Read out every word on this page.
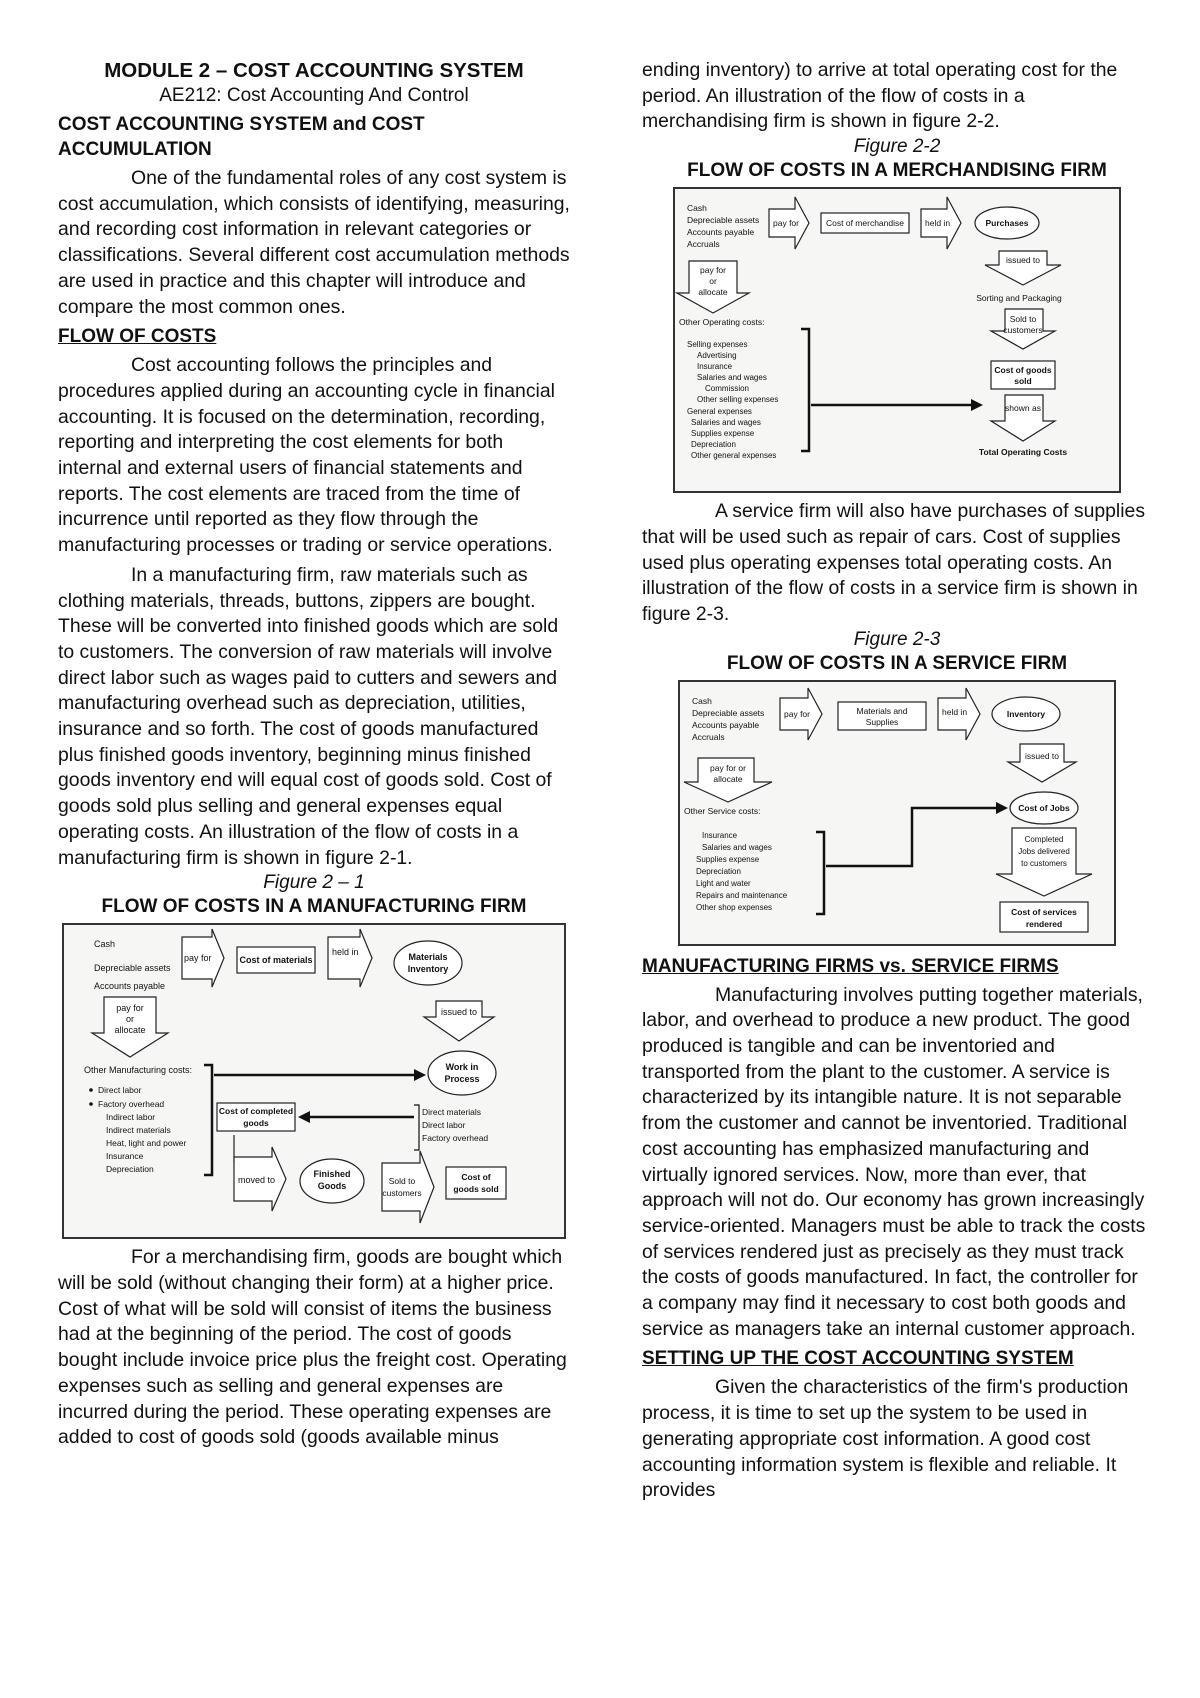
MODULE 2 – COST ACCOUNTING SYSTEM
AE212: Cost Accounting And Control
COST ACCOUNTING SYSTEM and COST ACCUMULATION

One of the fundamental roles of any cost system is cost accumulation, which consists of identifying, measuring, and recording cost information in relevant categories or classifications. Several different cost accumulation methods are used in practice and this chapter will introduce and compare the most common ones.

FLOW OF COSTS

Cost accounting follows the principles and procedures applied during an accounting cycle in financial accounting. It is focused on the determination, recording, reporting and interpreting the cost elements for both internal and external users of financial statements and reports. The cost elements are traced from the time of incurrence until reported as they flow through the manufacturing processes or trading or service operations.

In a manufacturing firm, raw materials such as clothing materials, threads, buttons, zippers are bought. These will be converted into finished goods which are sold to customers. The conversion of raw materials will involve direct labor such as wages paid to cutters and sewers and manufacturing overhead such as depreciation, utilities, insurance and so forth. The cost of goods manufactured plus finished goods inventory, beginning minus finished goods inventory end will equal cost of goods sold. Cost of goods sold plus selling and general expenses equal operating costs. An illustration of the flow of costs in a manufacturing firm is shown in figure 2-1.

Figure 2 – 1
FLOW OF COSTS IN A MANUFACTURING FIRM
Cash
Depreciable assets
Accounts payable
pay for	Cost of materials
held in	Materials
Inventory
issued to
pay for
or
allocate
Other Manufacturing costs:
Direct labor
Factory overhead
Indirect labor
Indirect materials
Heat, light and power
Insurance
Depreciation
Work in
Process
Cost of completed
goods
Direct materials
Direct labor
Factory overhead
moved to
Finished
Goods	Sold to
customers
Cost of
goods sold

For a merchandising firm, goods are bought which will be sold (without changing their form) at a higher price. Cost of what will be sold will consist of items the business had at the beginning of the period. The cost of goods bought include invoice price plus the freight cost. Operating expenses such as selling and general expenses are incurred during the period. These operating expenses are added to cost of goods sold (goods available minus

ending inventory) to arrive at total operating cost for the period. An illustration of the flow of costs in a merchandising firm is shown in figure 2-2.

Figure 2-2
FLOW OF COSTS IN A MERCHANDISING FIRM
Cash
Depreciable assets
Accounts payable
Accruals
pay for	Cost of merchandise held in	Purchases
issued to
pay for
or
allocate
Sorting and Packaging
Sold to
customers
Other Operating costs:
Selling expenses
Advertising
Insurance
Salaries and wages
Commission
Other selling expenses
General expenses
Salaries and wages
Supplies expense
Depreciation
Other general expenses
Cost of goods
sold
shown as
Total Operating Costs

A service firm will also have purchases of supplies that will be used such as repair of cars. Cost of supplies used plus operating expenses total operating costs. An illustration of the flow of costs in a service firm is shown in figure 2-3.

Figure 2-3
FLOW OF COSTS IN A SERVICE FIRM
Cash
Depreciable assets
Accounts payable
Accruals
pay for	Materials and
Supplies
held in	Inventory
issued to
pay for or
allocate
Other Service costs:
Insurance
Salaries and wages
Supplies expense
Depreciation
Light and water
Repairs and maintenance
Other shop expenses
Cost of Jobs
Completed
Jobs delivered
to customers
Cost of services
rendered
MANUFACTURING FIRMS vs. SERVICE FIRMS

Manufacturing involves putting together materials, labor, and overhead to produce a new product. The good produced is tangible and can be inventoried and transported from the plant to the customer. A service is characterized by its intangible nature. It is not separable from the customer and cannot be inventoried. Traditional cost accounting has emphasized manufacturing and virtually ignored services. Now, more than ever, that approach will not do. Our economy has grown increasingly service-oriented. Managers must be able to track the costs of services rendered just as precisely as they must track the costs of goods manufactured. In fact, the controller for a company may find it necessary to cost both goods and service as managers take an internal customer approach.

SETTING UP THE COST ACCOUNTING SYSTEM

Given the characteristics of the firm's production process, it is time to set up the system to be used in generating appropriate cost information. A good cost accounting information system is flexible and reliable. It provides
